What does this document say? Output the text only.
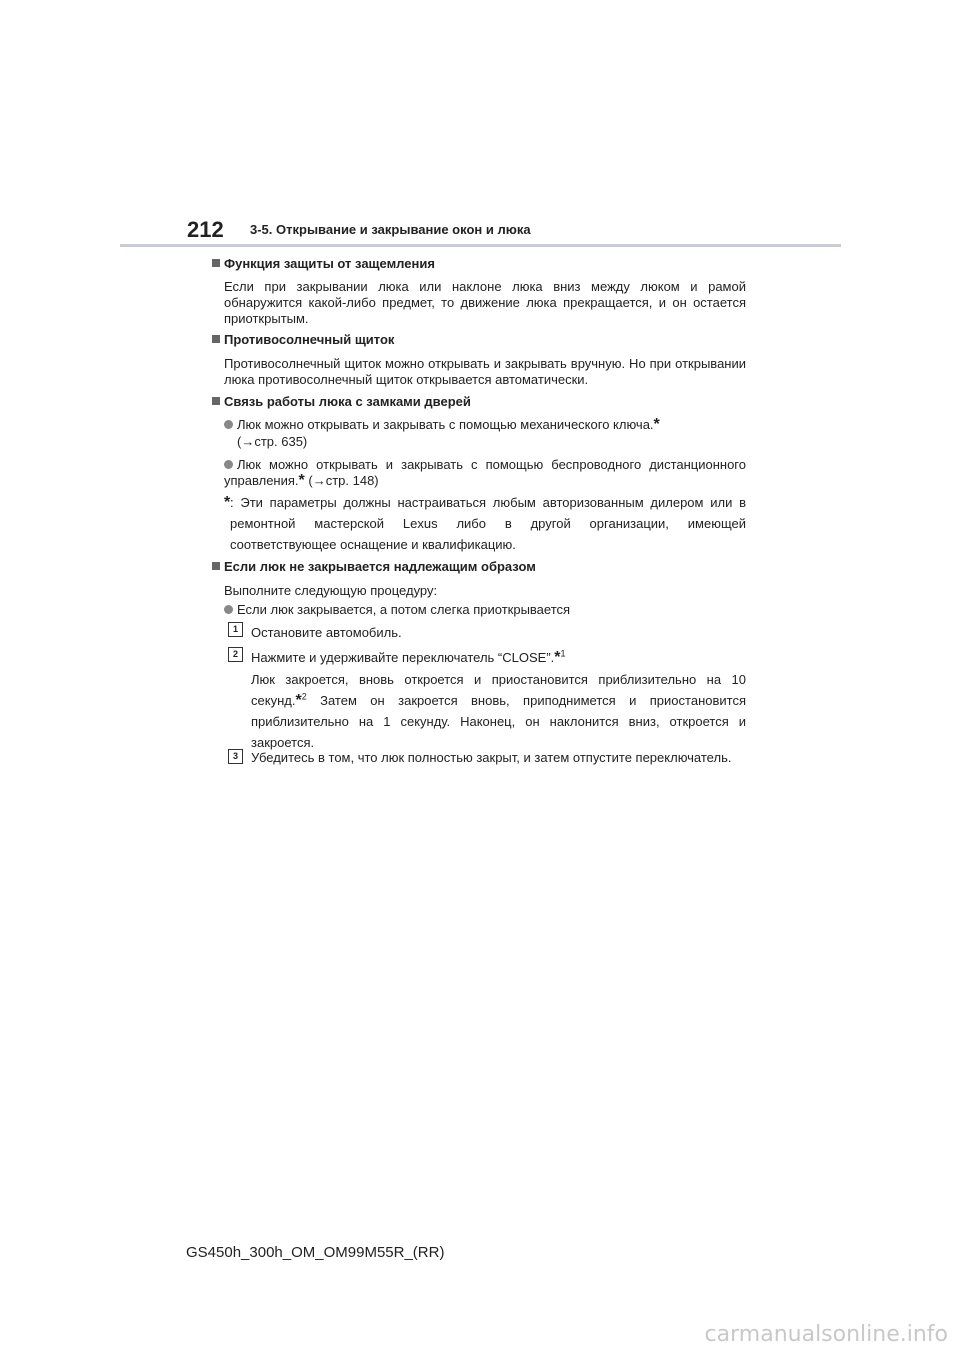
212 3-5. Открывание и закрывание окон и люка
Функция защиты от защемления
Если при закрывании люка или наклоне люка вниз между люком и рамой обнаружится какой-либо предмет, то движение люка прекращается, и он остается приоткрытым.
Противосолнечный щиток
Противосолнечный щиток можно открывать и закрывать вручную. Но при открывании люка противосолнечный щиток открывается автоматически.
Связь работы люка с замками дверей
Люк можно открывать и закрывать с помощью механического ключа.*
(→стр. 635)
Люк можно открывать и закрывать с помощью беспроводного дистанционного управления.* (→стр. 148)
* : Эти параметры должны настраиваться любым авторизованным дилером или в ремонтной мастерской Lexus либо в другой организации, имеющей соответствующее оснащение и квалификацию.
Если люк не закрывается надлежащим образом
Выполните следующую процедуру:
Если люк закрывается, а потом слегка приоткрывается
1	Остановите автомобиль.
2	Нажмите и удерживайте переключатель “CLOSE”.*$^1$
Люк закроется, вновь откроется и приостановится приблизительно на 10 секунд.*$^2$ Затем он закроется вновь, приподнимется и приостановится приблизительно на 1 секунду. Наконец, он наклонится вниз, откроется и закроется.
3	Убедитесь в том, что люк полностью закрыт, и затем отпустите переключатель.
GS450h_300h_OM_OM99M55R_(RR)
carmanualsonline.info
